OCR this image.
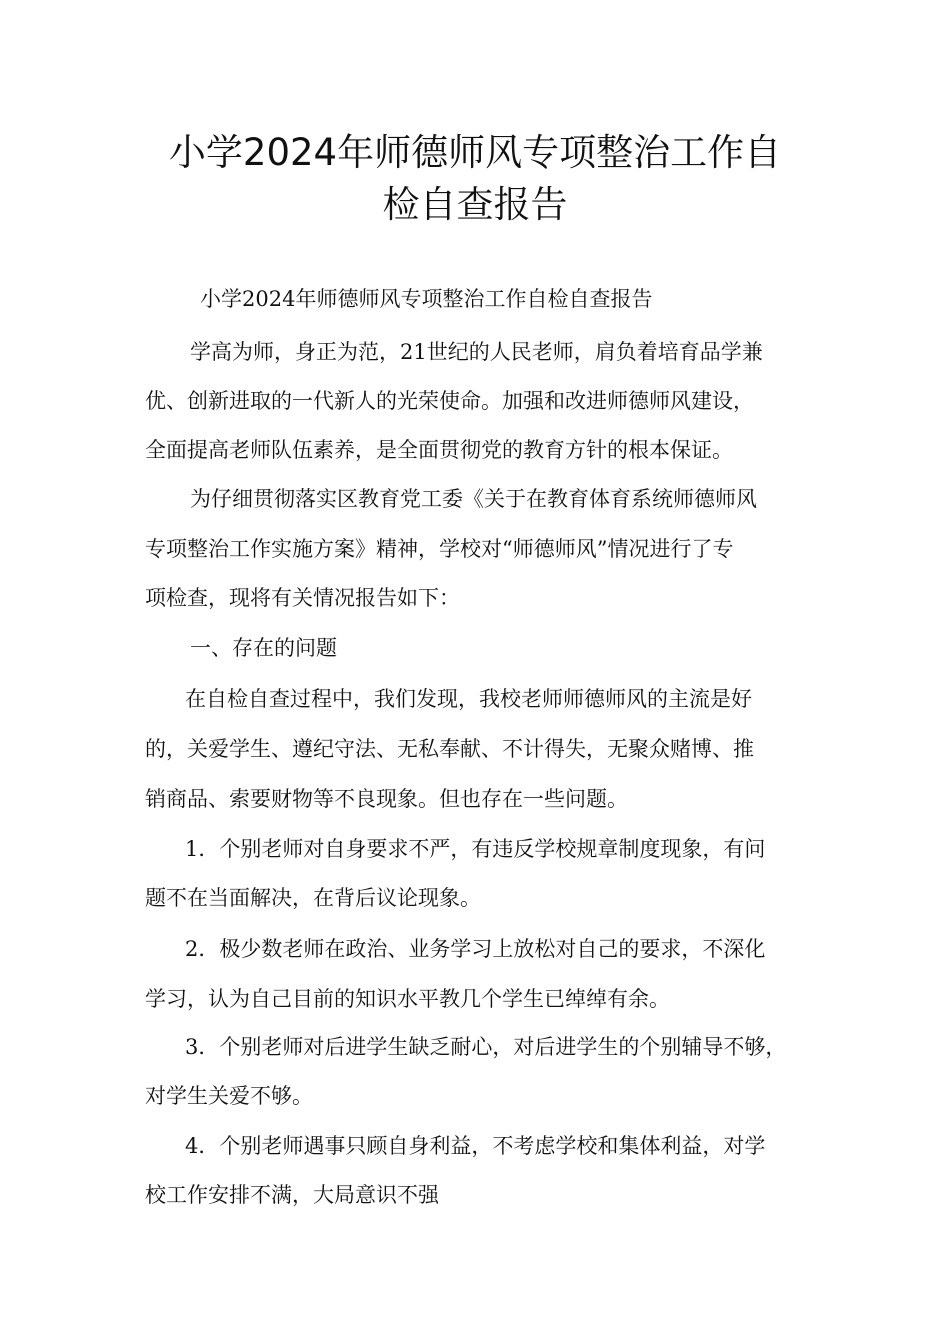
小学2024年师德师风专项整治工作自
检自查报告

小学2024年师德师风专项整治工作自检自查报告

学高为师，身正为范，21世纪的人民老师，肩负着培育品学兼

优、创新进取的一代新人的光荣使命。加强和改进师德师风建设，

全面提高老师队伍素养，是全面贯彻党的教育方针的根本保证。

为仔细贯彻落实区教育党工委《关于在教育体育系统师德师风

专项整治工作实施方案》精神，学校对“师德师风”情况进行了专

项检查，现将有关情况报告如下：

一、存在的问题

在自检自查过程中，我们发现，我校老师师德师风的主流是好

的，关爱学生、遵纪守法、无私奉献、不计得失，无聚众赌博、推

销商品、索要财物等不良现象。但也存在一些问题。

1．个别老师对自身要求不严，有违反学校规章制度现象，有问

题不在当面解决，在背后议论现象。

2．极少数老师在政治、业务学习上放松对自己的要求，不深化

学习，认为自己目前的知识水平教几个学生已绰绰有余。

3．个别老师对后进学生缺乏耐心，对后进学生的个别辅导不够，

对学生关爱不够。

4．个别老师遇事只顾自身利益，不考虑学校和集体利益，对学

校工作安排不满，大局意识不强
